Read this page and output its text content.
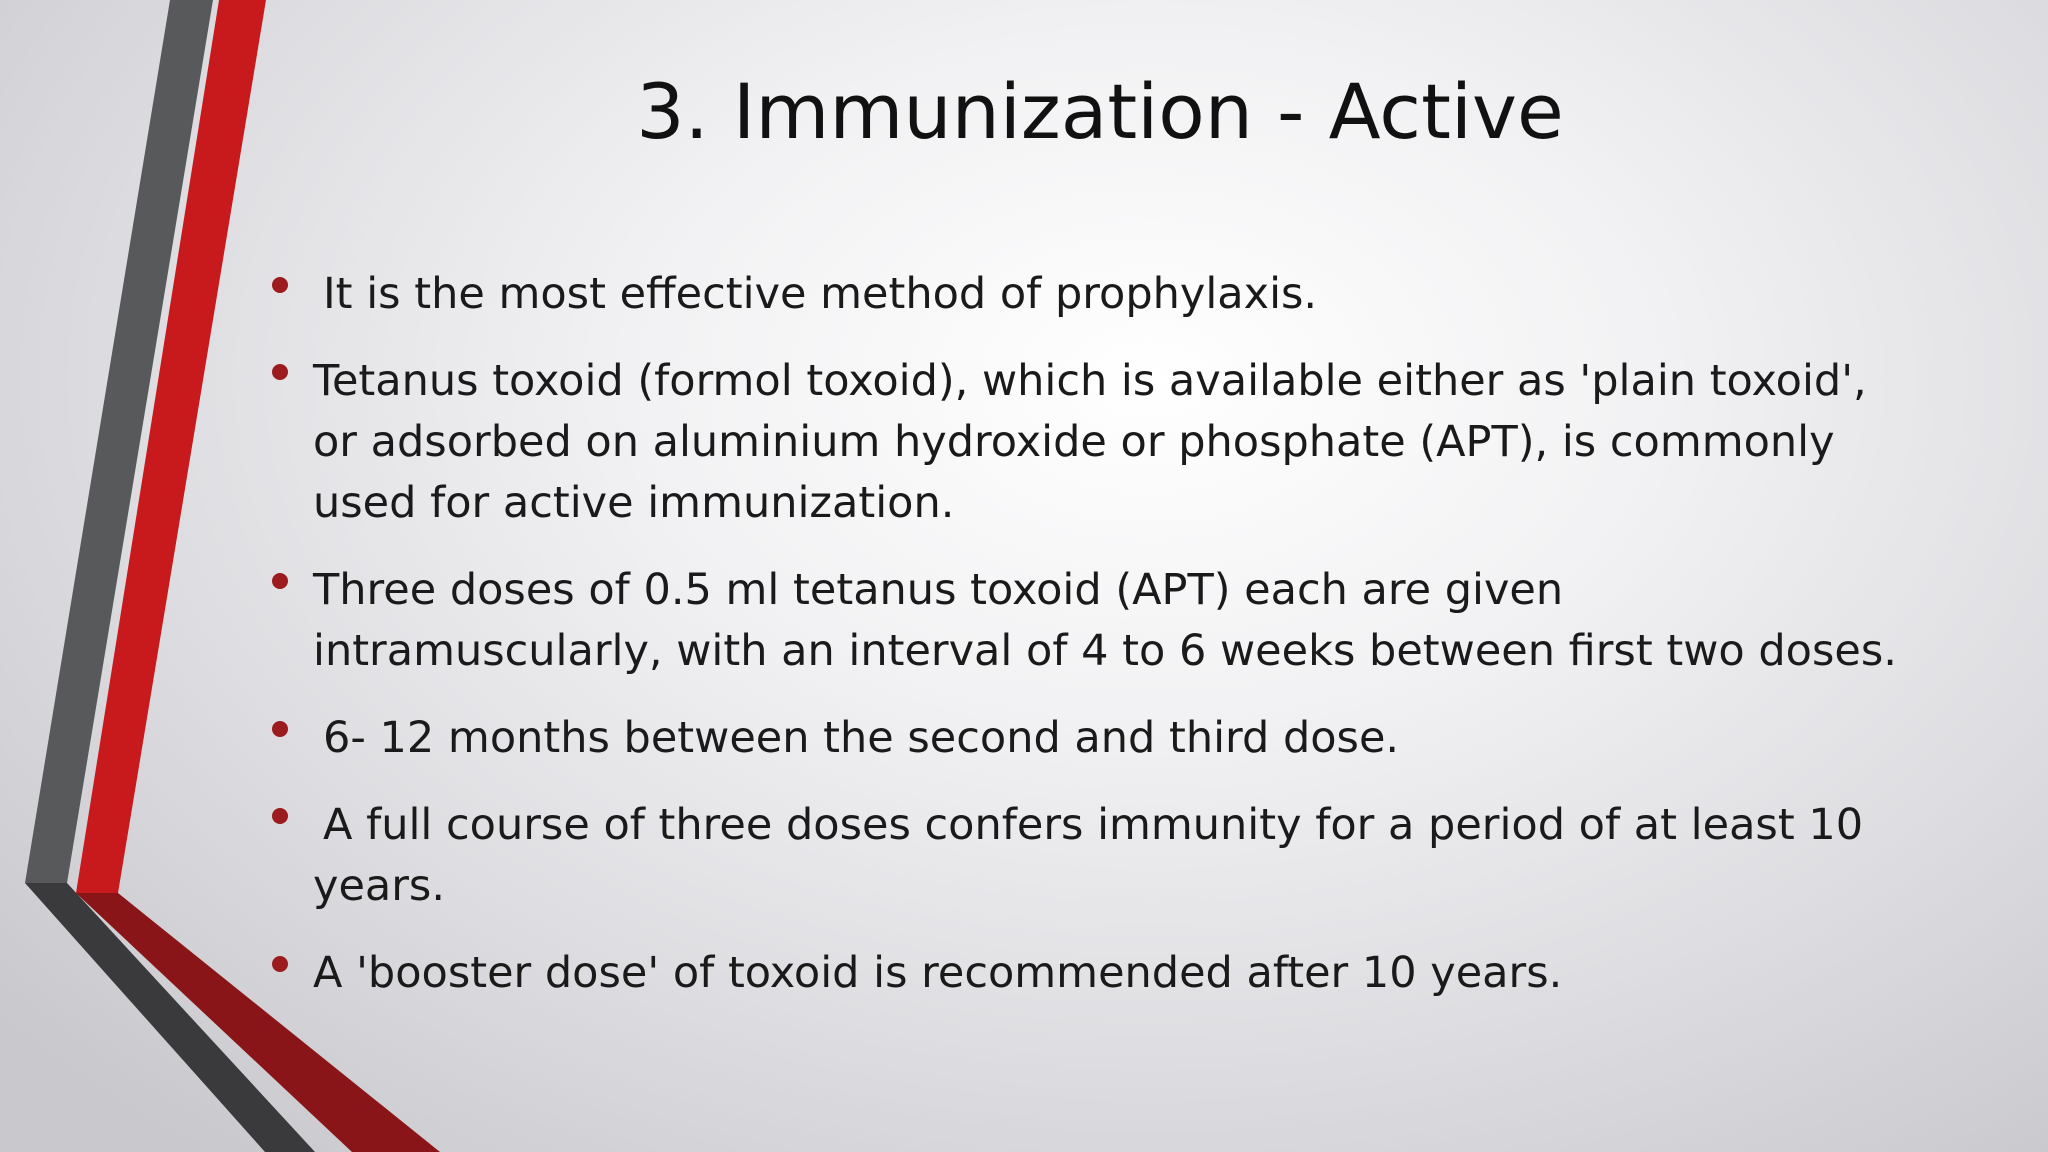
3. Immunization - Active
It is the most effective method of prophylaxis.
Tetanus toxoid (formol toxoid), which is available either as 'plain toxoid', or adsorbed on aluminium hydroxide or phosphate (APT), is commonly used for active immunization.
Three doses of 0.5 ml tetanus toxoid (APT) each are given intramuscularly, with an interval of 4 to 6 weeks between first two doses.
6- 12 months between the second and third dose.
A full course of three doses confers immunity for a period of at least 10 years.
A 'booster dose' of toxoid is recommended after 10 years.
